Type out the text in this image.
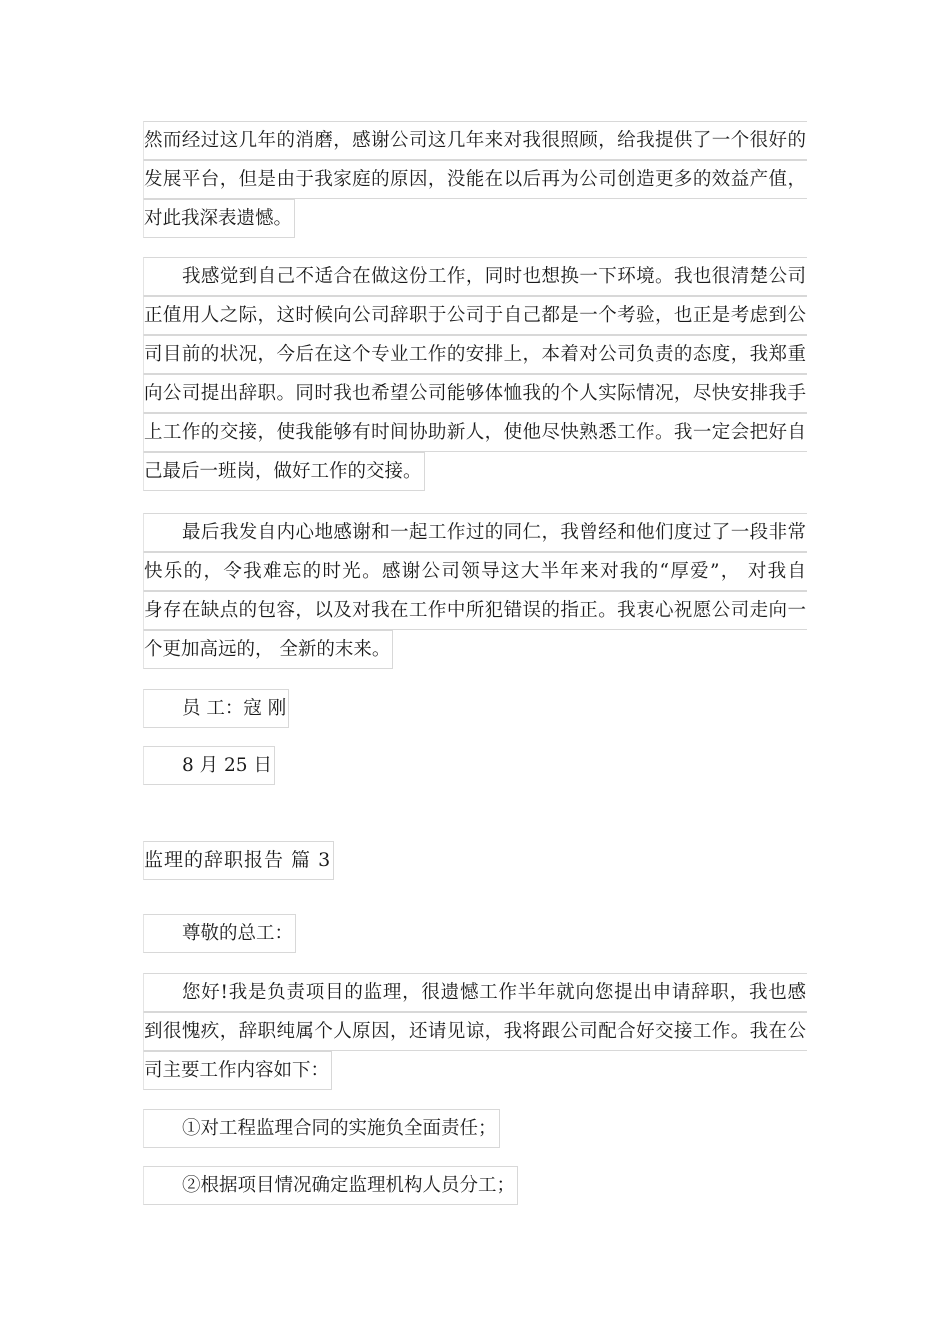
然而经过这几年的消磨，感谢公司这几年来对我很照顾，给我提供了一个很好的
发展平台，但是由于我家庭的原因，没能在以后再为公司创造更多的效益产值，
对此我深表遗憾。
我感觉到自己不适合在做这份工作，同时也想换一下环境。我也很清楚公司
正值用人之际，这时候向公司辞职于公司于自己都是一个考验，也正是考虑到公
司目前的状况，今后在这个专业工作的安排上，本着对公司负责的态度，我郑重
向公司提出辞职。同时我也希望公司能够体恤我的个人实际情况，尽快安排我手
上工作的交接，使我能够有时间协助新人，使他尽快熟悉工作。我一定会把好自
己最后一班岗，做好工作的交接。
最后我发自内心地感谢和一起工作过的同仁，我曾经和他们度过了一段非常
快乐的，令我难忘的时光。感谢公司领导这大半年来对我的“厚爱”， 对我自
身存在缺点的包容，以及对我在工作中所犯错误的指正。我衷心祝愿公司走向一
个更加高远的， 全新的末来。
员 工：寇 刚
8 月 25 日
监理的辞职报告 篇 3
尊敬的总工：
您好!我是负责项目的监理，很遗憾工作半年就向您提出申请辞职，我也感
到很愧疚，辞职纯属个人原因，还请见谅，我将跟公司配合好交接工作。我在公
司主要工作内容如下：
①对工程监理合同的实施负全面责任；
②根据项目情况确定监理机构人员分工；
